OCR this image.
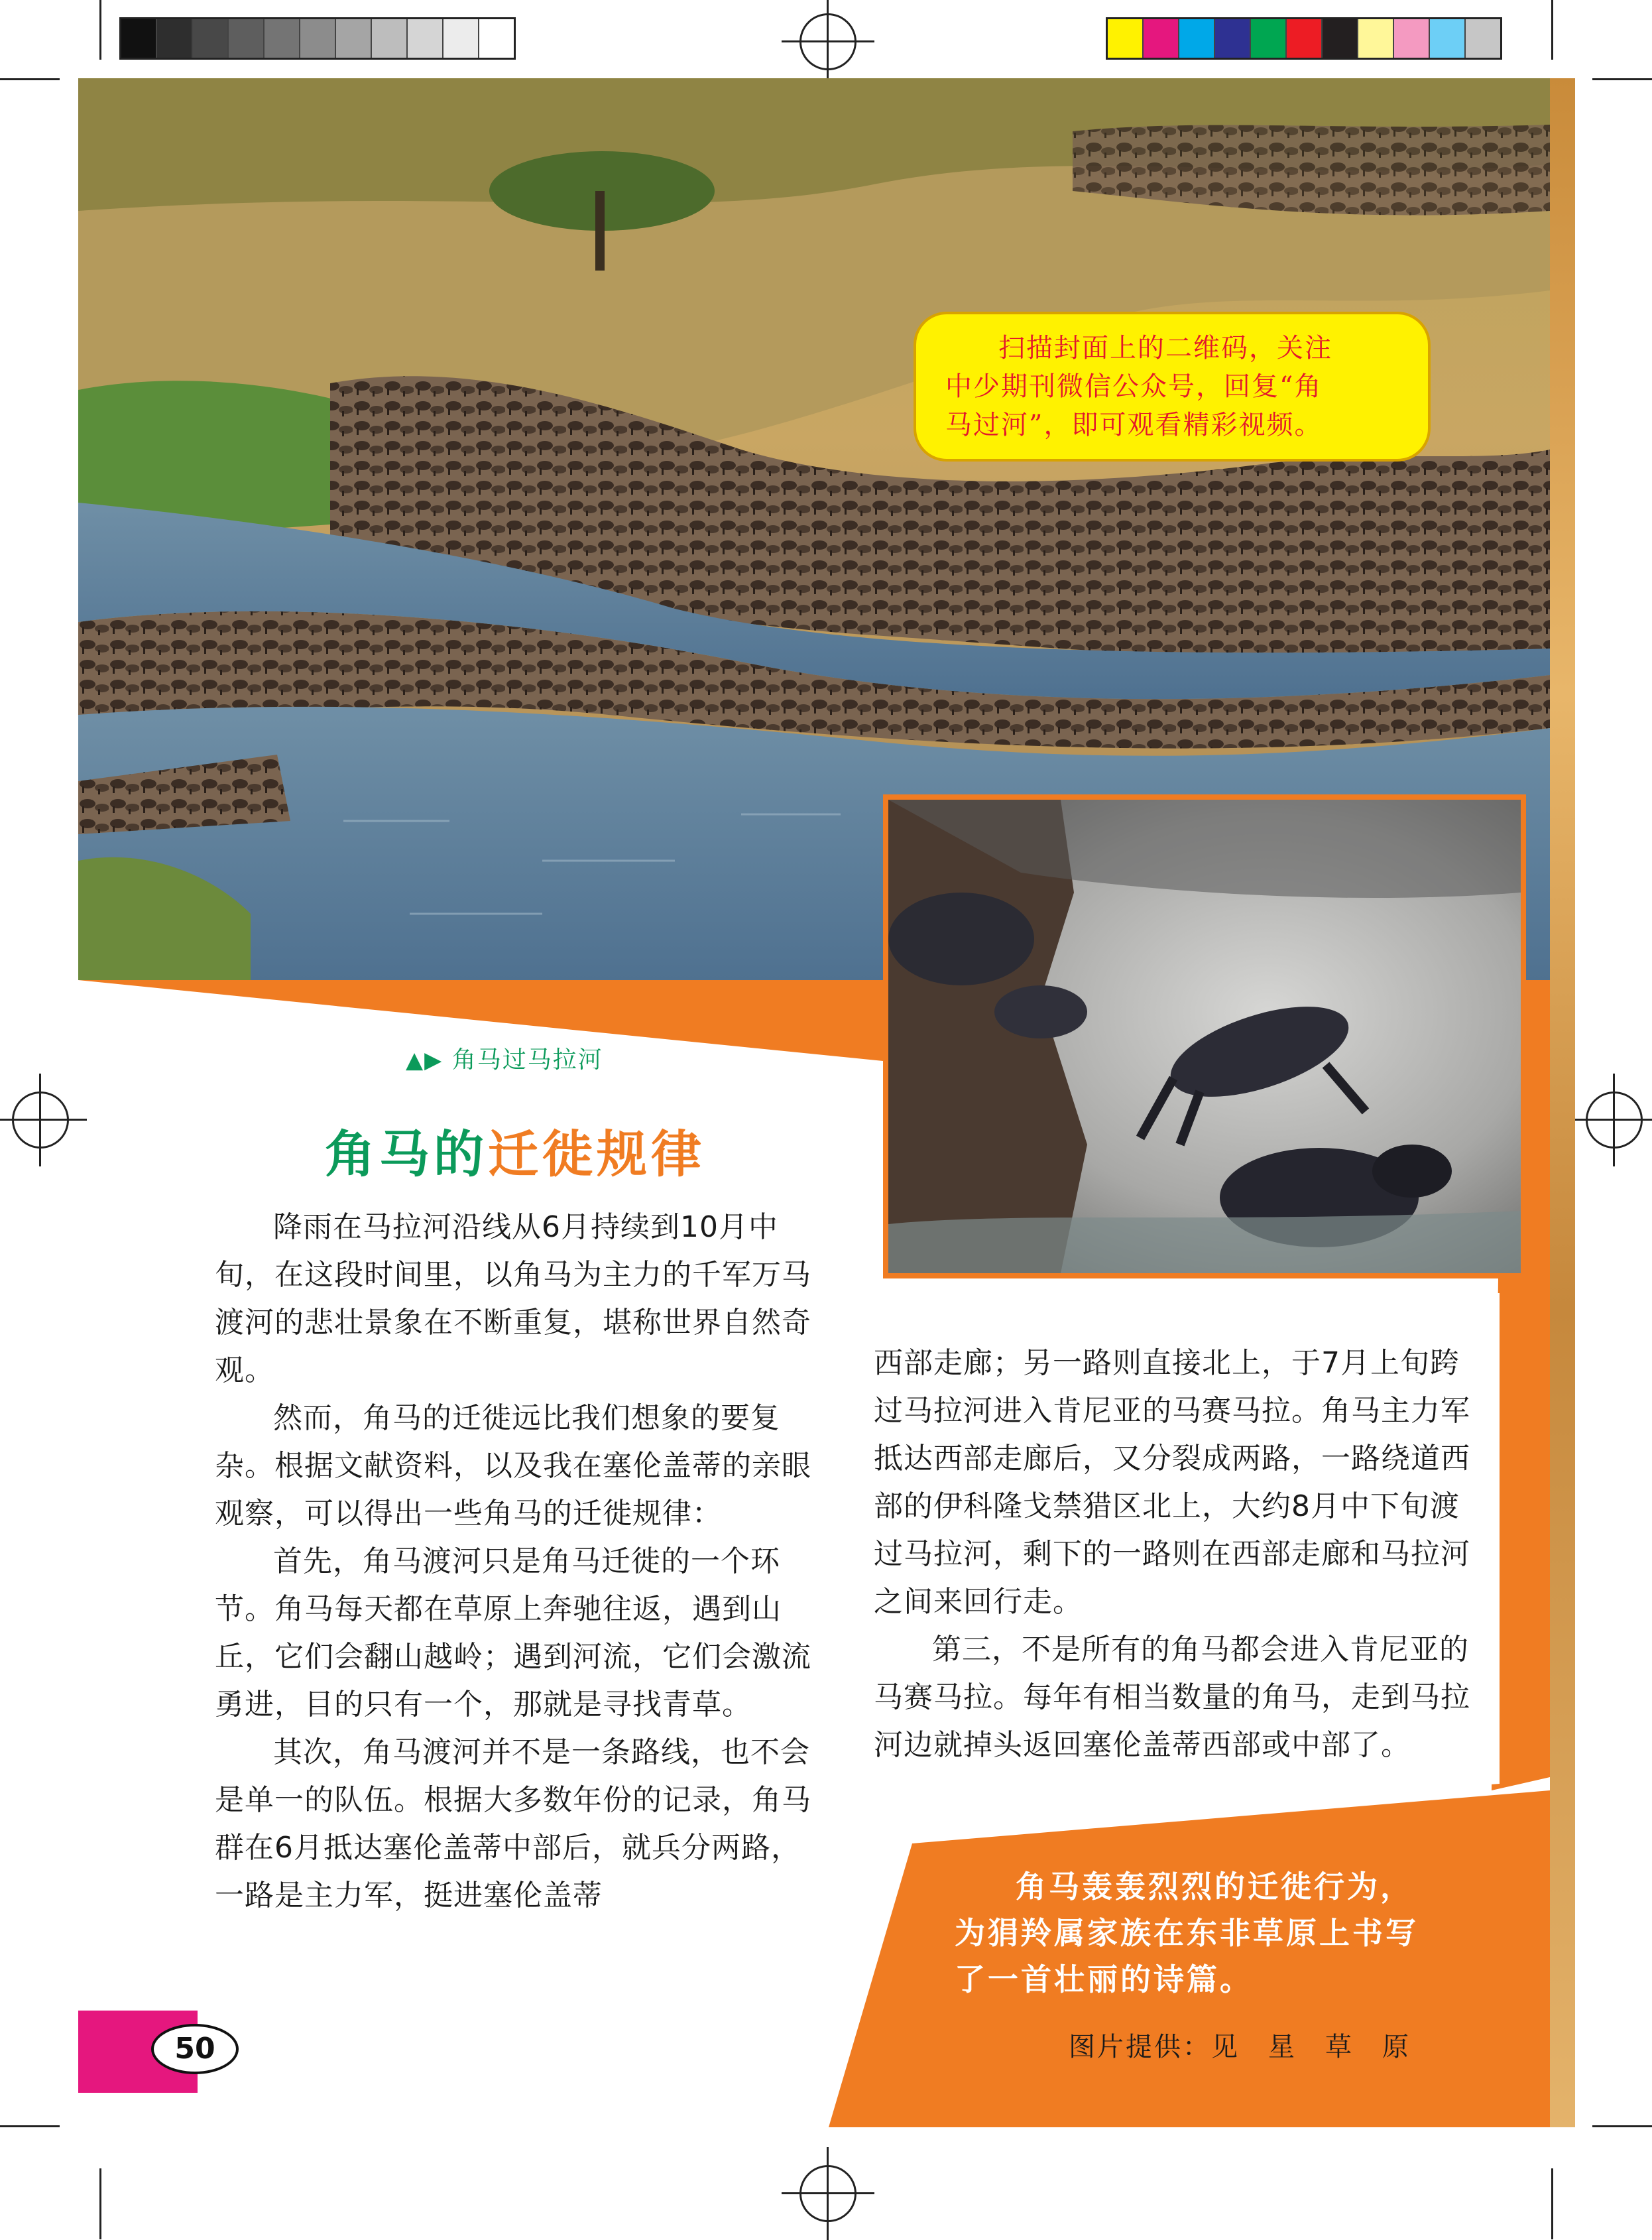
扫描封面上的二维码，关注
中少期刊微信公众号，回复“角
马过河”，即可观看精彩视频。
▲▶ 角马过马拉河
角马的迁徙规律

降雨在马拉河沿线从6月持续到10月中旬，在这段时间里，以角马为主力的千军万马渡河的悲壮景象在不断重复，堪称世界自然奇观。

然而，角马的迁徙远比我们想象的要复杂。根据文献资料，以及我在塞伦盖蒂的亲眼观察，可以得出一些角马的迁徙规律：

首先，角马渡河只是角马迁徙的一个环节。角马每天都在草原上奔驰往返，遇到山丘，它们会翻山越岭；遇到河流，它们会激流勇进，目的只有一个，那就是寻找青草。

其次，角马渡河并不是一条路线，也不会是单一的队伍。根据大多数年份的记录，角马群在6月抵达塞伦盖蒂中部后，就兵分两路，一路是主力军，挺进塞伦盖蒂

西部走廊；另一路则直接北上，于7月上旬跨过马拉河进入肯尼亚的马赛马拉。角马主力军抵达西部走廊后，又分裂成两路，一路绕道西部的伊科隆戈禁猎区北上，大约8月中下旬渡过马拉河，剩下的一路则在西部走廊和马拉河之间来回行走。

第三，不是所有的角马都会进入肯尼亚的马赛马拉。每年有相当数量的角马，走到马拉河边就掉头返回塞伦盖蒂西部或中部了。

角马轰轰烈烈的迁徙行为，为狷羚属家族在东非草原上书写了一首壮丽的诗篇。

图片提供：见　星　草　原
50
